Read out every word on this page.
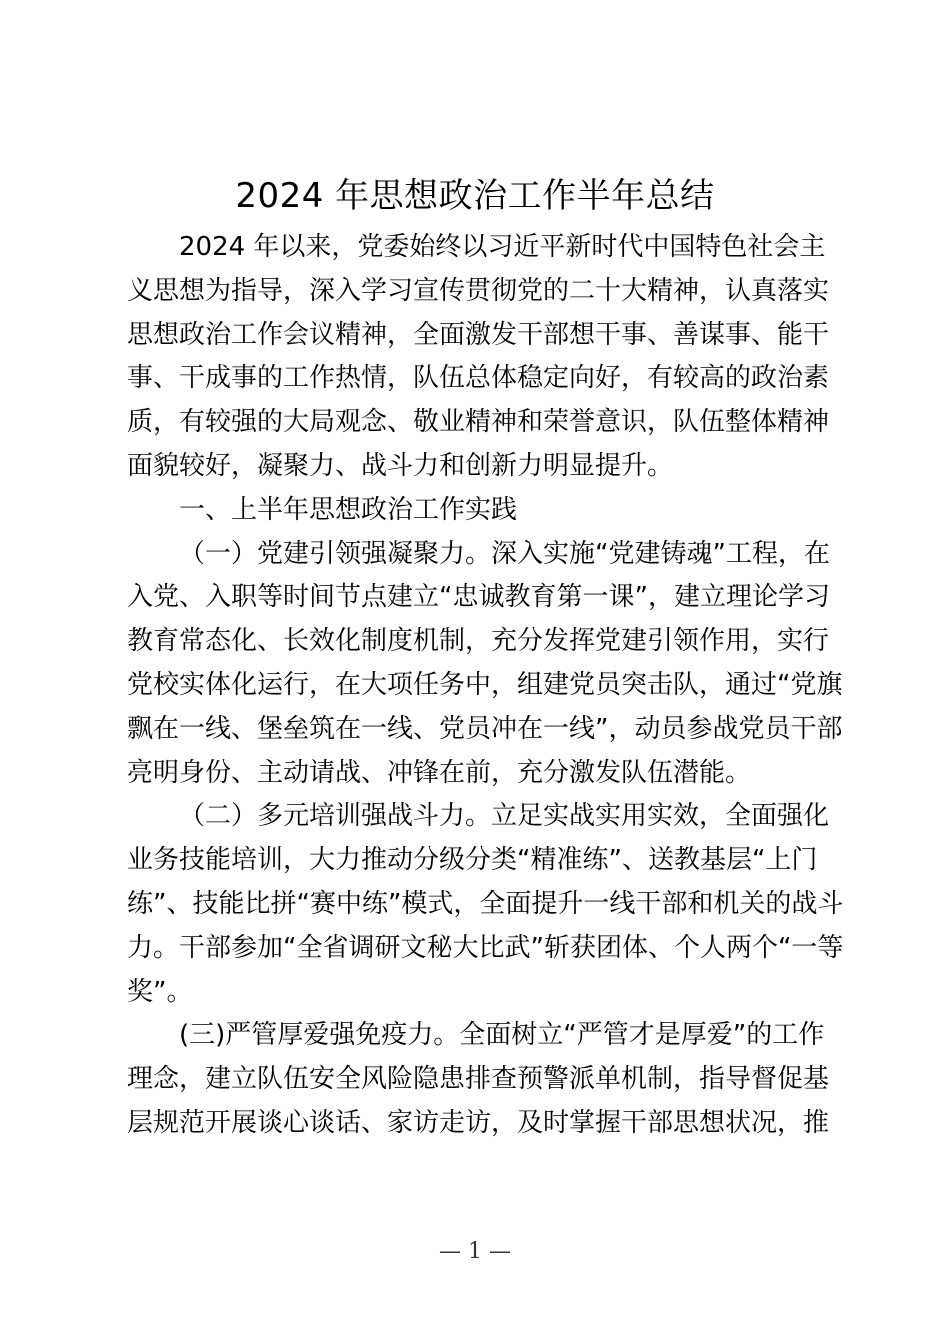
2024 年思想政治工作半年总结
2024 年以来，党委始终以习近平新时代中国特色社会主
义思想为指导，深入学习宣传贯彻党的二十大精神，认真落实
思想政治工作会议精神，全面激发干部想干事、善谋事、能干
事、干成事的工作热情，队伍总体稳定向好，有较高的政治素
质，有较强的大局观念、敬业精神和荣誉意识，队伍整体精神
面貌较好，凝聚力、战斗力和创新力明显提升。
一、上半年思想政治工作实践
（一）党建引领强凝聚力。深入实施“党建铸魂”工程，在
入党、入职等时间节点建立“忠诚教育第一课”，建立理论学习
教育常态化、长效化制度机制，充分发挥党建引领作用，实行
党校实体化运行，在大项任务中，组建党员突击队，通过“党旗
飘在一线、堡垒筑在一线、党员冲在一线”，动员参战党员干部
亮明身份、主动请战、冲锋在前，充分激发队伍潜能。
（二）多元培训强战斗力。立足实战实用实效，全面强化
业务技能培训，大力推动分级分类“精准练”、送教基层“上门
练”、技能比拼“赛中练”模式，全面提升一线干部和机关的战斗
力。干部参加“全省调研文秘大比武”斩获团体、个人两个“一等
奖”。
(三)严管厚爱强免疫力。全面树立“严管才是厚爱”的工作
理念，建立队伍安全风险隐患排查预警派单机制，指导督促基
层规范开展谈心谈话、家访走访，及时掌握干部思想状况，推
— 1 —
